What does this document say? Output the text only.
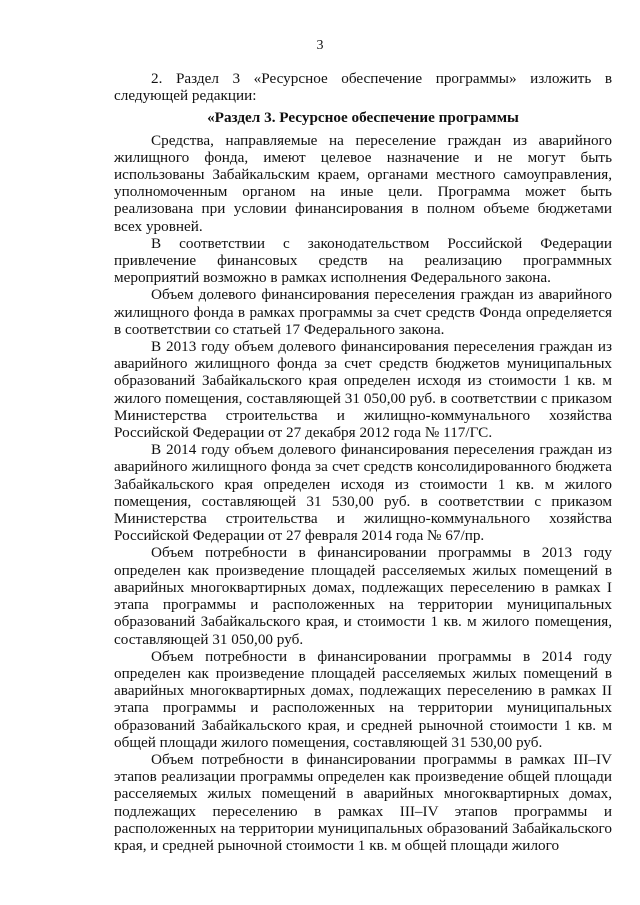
3

2. Раздел 3 «Ресурсное обеспечение программы» изложить в следующей редакции:

«Раздел 3. Ресурсное обеспечение программы

Средства, направляемые на переселение граждан из аварийного жилищного фонда, имеют целевое назначение и не могут быть использованы Забайкальским краем, органами местного самоуправления, уполномоченным органом на иные цели. Программа может быть реализована при условии финансирования в полном объеме бюджетами всех уровней.

В соответствии с законодательством Российской Федерации привлечение финансовых средств на реализацию программных мероприятий возможно в рамках исполнения Федерального закона.

Объем долевого финансирования переселения граждан из аварийного жилищного фонда в рамках программы за счет средств Фонда определяется в соответствии со статьей 17 Федерального закона.

В 2013 году объем долевого финансирования переселения граждан из аварийного жилищного фонда за счет средств бюджетов муниципальных образований Забайкальского края определен исходя из стоимости 1 кв. м жилого помещения, составляющей 31 050,00 руб. в соответствии с приказом Министерства строительства и жилищно-коммунального хозяйства Российской Федерации от 27 декабря 2012 года № 117/ГС.

В 2014 году объем долевого финансирования переселения граждан из аварийного жилищного фонда за счет средств консолидированного бюджета Забайкальского края определен исходя из стоимости 1 кв. м жилого помещения, составляющей 31 530,00 руб. в соответствии с приказом Министерства строительства и жилищно-коммунального хозяйства Российской Федерации от 27 февраля 2014 года № 67/пр.

Объем потребности в финансировании программы в 2013 году определен как произведение площадей расселяемых жилых помещений в аварийных многоквартирных домах, подлежащих переселению в рамках I этапа программы и расположенных на территории муниципальных образований Забайкальского края, и стоимости 1 кв. м жилого помещения, составляющей 31 050,00 руб.

Объем потребности в финансировании программы в 2014 году определен как произведение площадей расселяемых жилых помещений в аварийных многоквартирных домах, подлежащих переселению в рамках II этапа программы и расположенных на территории муниципальных образований Забайкальского края, и средней рыночной стоимости 1 кв. м общей площади жилого помещения, составляющей 31 530,00 руб.

Объем потребности в финансировании программы в рамках III–IV этапов реализации программы определен как произведение общей площади расселяемых жилых помещений в аварийных многоквартирных домах, подлежащих переселению в рамках III–IV этапов программы и расположенных на территории муниципальных образований Забайкальского края, и средней рыночной стоимости 1 кв. м общей площади жилого
